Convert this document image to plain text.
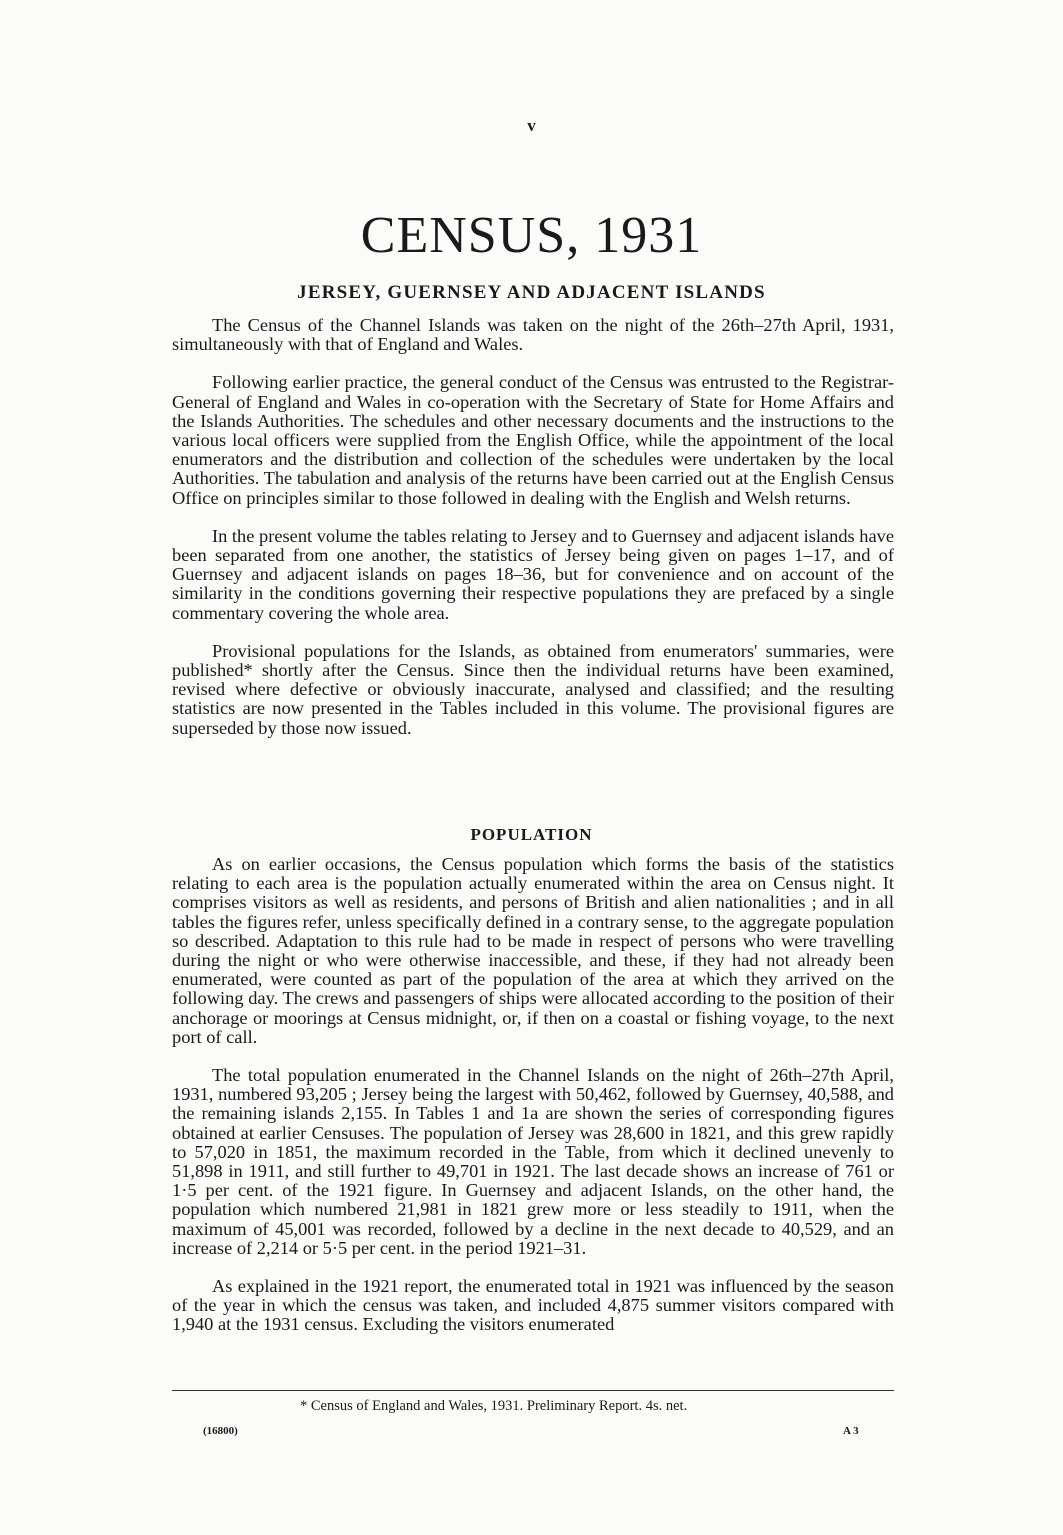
v
CENSUS, 1931
JERSEY, GUERNSEY AND ADJACENT ISLANDS

The Census of the Channel Islands was taken on the night of the 26th–27th April, 1931, simultaneously with that of England and Wales.

Following earlier practice, the general conduct of the Census was entrusted to the Registrar-General of England and Wales in co-operation with the Secretary of State for Home Affairs and the Islands Authorities. The schedules and other necessary documents and the instructions to the various local officers were supplied from the English Office, while the appointment of the local enumerators and the distribution and collection of the schedules were undertaken by the local Authorities. The tabulation and analysis of the returns have been carried out at the English Census Office on principles similar to those followed in dealing with the English and Welsh returns.

In the present volume the tables relating to Jersey and to Guernsey and adjacent islands have been separated from one another, the statistics of Jersey being given on pages 1–17, and of Guernsey and adjacent islands on pages 18–36, but for convenience and on account of the similarity in the conditions governing their respective populations they are prefaced by a single commentary covering the whole area.

Provisional populations for the Islands, as obtained from enumerators' summaries, were published* shortly after the Census. Since then the individual returns have been examined, revised where defective or obviously inaccurate, analysed and classified; and the resulting statistics are now presented in the Tables included in this volume. The provisional figures are superseded by those now issued.

POPULATION

As on earlier occasions, the Census population which forms the basis of the statistics relating to each area is the population actually enumerated within the area on Census night. It comprises visitors as well as residents, and persons of British and alien nationalities ; and in all tables the figures refer, unless specifically defined in a contrary sense, to the aggregate population so described. Adaptation to this rule had to be made in respect of persons who were travelling during the night or who were otherwise inaccessible, and these, if they had not already been enumerated, were counted as part of the population of the area at which they arrived on the following day. The crews and passengers of ships were allocated according to the position of their anchorage or moorings at Census midnight, or, if then on a coastal or fishing voyage, to the next port of call.

The total population enumerated in the Channel Islands on the night of 26th–27th April, 1931, numbered 93,205 ; Jersey being the largest with 50,462, followed by Guernsey, 40,588, and the remaining islands 2,155. In Tables 1 and 1a are shown the series of corresponding figures obtained at earlier Censuses. The population of Jersey was 28,600 in 1821, and this grew rapidly to 57,020 in 1851, the maximum recorded in the Table, from which it declined unevenly to 51,898 in 1911, and still further to 49,701 in 1921. The last decade shows an increase of 761 or 1·5 per cent. of the 1921 figure. In Guernsey and adjacent Islands, on the other hand, the population which numbered 21,981 in 1821 grew more or less steadily to 1911, when the maximum of 45,001 was recorded, followed by a decline in the next decade to 40,529, and an increase of 2,214 or 5·5 per cent. in the period 1921–31.

As explained in the 1921 report, the enumerated total in 1921 was influenced by the season of the year in which the census was taken, and included 4,875 summer visitors compared with 1,940 at the 1931 census. Excluding the visitors enumerated

* Census of England and Wales, 1931. Preliminary Report. 4s. net.
(16800)	A 3
